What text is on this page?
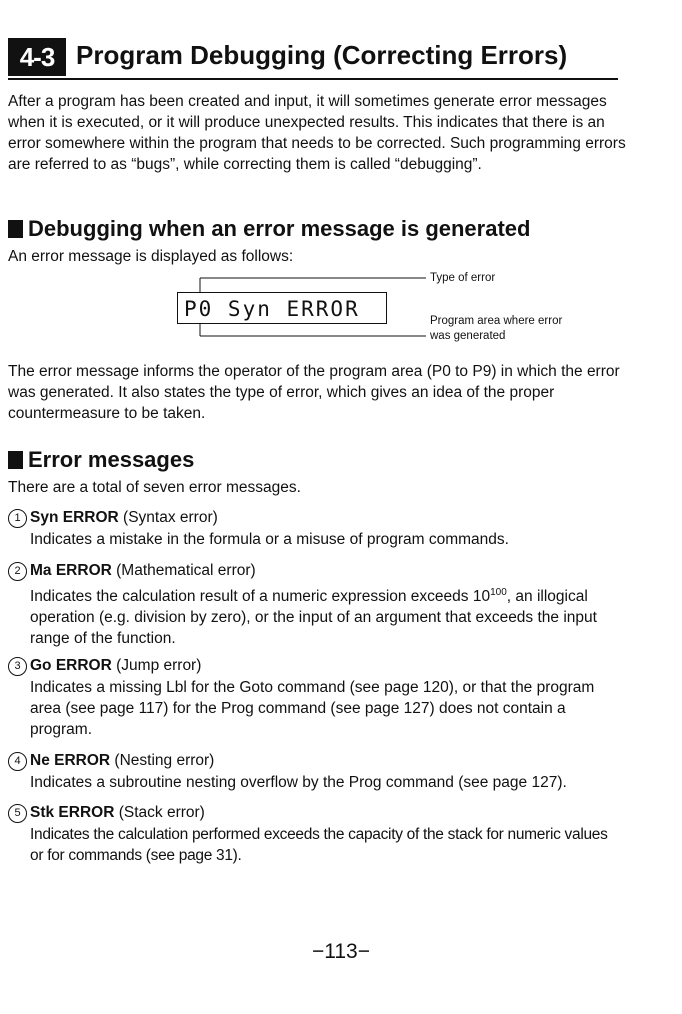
4-3 Program Debugging (Correcting Errors)

After a program has been created and input, it will sometimes generate error messages when it is executed, or it will produce unexpected results. This indicates that there is an error somewhere within the program that needs to be corrected. Such programming errors are referred to as “bugs”, while correcting them is called “debugging”.

Debugging when an error message is generated
An error message is displayed as follows:
P0 Syn ERROR
Type of error
Program area where error
was generated

The error message informs the operator of the program area (P0 to P9) in which the error was generated. It also states the type of error, which gives an idea of the proper countermeasure to be taken.

Error messages
There are a total of seven error messages.
1 Syn ERROR (Syntax error)

Indicates a mistake in the formula or a misuse of program commands.

2 Ma ERROR (Mathematical error)

Indicates the calculation result of a numeric expression exceeds $10^{100}$, an illogical operation (e.g. division by zero), or the input of an argument that exceeds the input range of the function.

3 Go ERROR (Jump error)

Indicates a missing Lbl for the Goto command (see page 120), or that the program area (see page 117) for the Prog command (see page 127) does not contain a program.

4 Ne ERROR (Nesting error)

Indicates a subroutine nesting overflow by the Prog command (see page 127).

5 Stk ERROR (Stack error)

Indicates the calculation performed exceeds the capacity of the stack for numeric values or for commands (see page 31).

−113−
